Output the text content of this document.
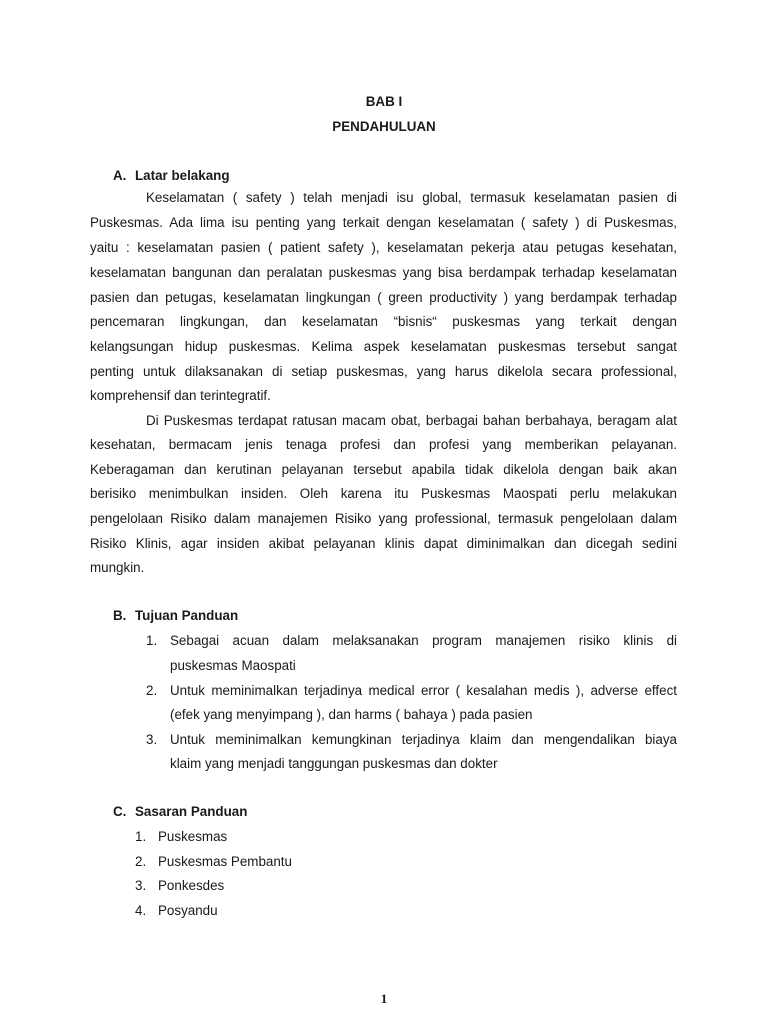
BAB I
PENDAHULUAN
A. Latar belakang
Keselamatan ( safety ) telah menjadi isu global, termasuk keselamatan pasien di
Puskesmas. Ada lima isu penting yang terkait dengan keselamatan ( safety ) di Puskesmas,
yaitu : keselamatan pasien ( patient safety ), keselamatan pekerja atau petugas kesehatan,
keselamatan bangunan dan peralatan puskesmas yang bisa berdampak terhadap keselamatan
pasien dan petugas, keselamatan lingkungan ( green productivity ) yang berdampak terhadap
pencemaran lingkungan, dan keselamatan “bisnis“ puskesmas yang terkait dengan
kelangsungan hidup puskesmas. Kelima aspek keselamatan puskesmas tersebut sangat
penting untuk dilaksanakan di setiap puskesmas, yang harus dikelola secara professional,
komprehensif dan terintegratif.
Di Puskesmas terdapat ratusan macam obat, berbagai bahan berbahaya, beragam alat
kesehatan, bermacam jenis tenaga profesi dan profesi yang memberikan pelayanan.
Keberagaman dan kerutinan pelayanan tersebut apabila tidak dikelola dengan baik akan
berisiko menimbulkan insiden. Oleh karena itu Puskesmas Maospati perlu melakukan
pengelolaan Risiko dalam manajemen Risiko yang professional, termasuk pengelolaan dalam
Risiko Klinis, agar insiden akibat pelayanan klinis dapat diminimalkan dan dicegah sedini
mungkin.
B. Tujuan Panduan
1. Sebagai acuan dalam melaksanakan program manajemen risiko klinis di
puskesmas Maospati
2. Untuk meminimalkan terjadinya medical error ( kesalahan medis ), adverse effect
(efek yang menyimpang ), dan harms ( bahaya ) pada pasien
3. Untuk meminimalkan kemungkinan terjadinya klaim dan mengendalikan biaya
klaim yang menjadi tanggungan puskesmas dan dokter
C. Sasaran Panduan
1. Puskesmas
2. Puskesmas Pembantu
3. Ponkesdes
4. Posyandu
1
